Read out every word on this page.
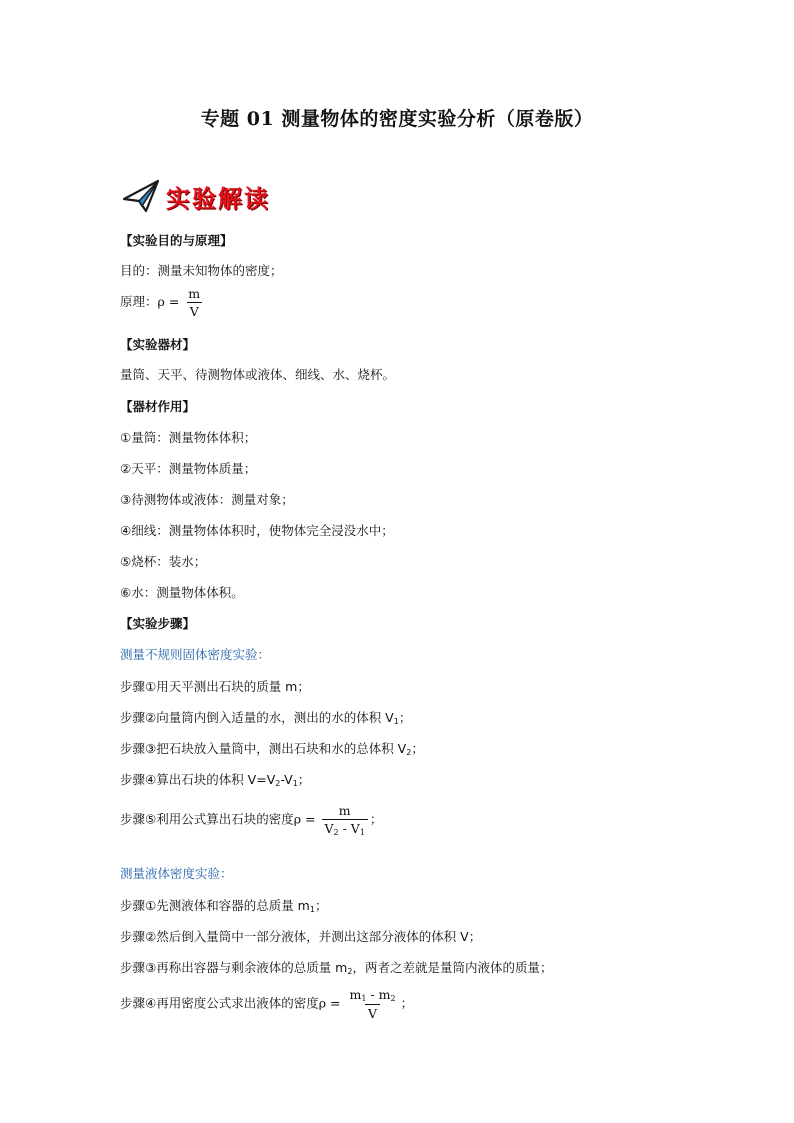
专题 01 测量物体的密度实验分析（原卷版）
实验解读
【实验目的与原理】
目的：测量未知物体的密度；
原理：$\rho = \frac{m}{V}$
【实验器材】
量筒、天平、待测物体或液体、细线、水、烧杯。
【器材作用】
①量筒：测量物体体积；
②天平：测量物体质量；
③待测物体或液体：测量对象；
④细线：测量物体体积时，使物体完全浸没水中；
⑤烧杯：装水；
⑥水：测量物体体积。
【实验步骤】
测量不规则固体密度实验：
步骤①用天平测出石块的质量 m；
步骤②向量筒内倒入适量的水，测出的水的体积 $V_1$；
步骤③把石块放入量筒中，测出石块和水的总体积 $V_2$；
步骤④算出石块的体积 $V=V_2-V_1$；
步骤⑤利用公式算出石块的密度$\rho = \frac{m}{V_2 - V_1}$ ；
测量液体密度实验：
步骤①先测液体和容器的总质量 $m_1$；
步骤②然后倒入量筒中一部分液体，并测出这部分液体的体积 V；
步骤③再称出容器与剩余液体的总质量 $m_2$，两者之差就是量筒内液体的质量；
步骤④再用密度公式求出液体的密度$\rho = \frac{m_1 - m_2}{V}$ ；
